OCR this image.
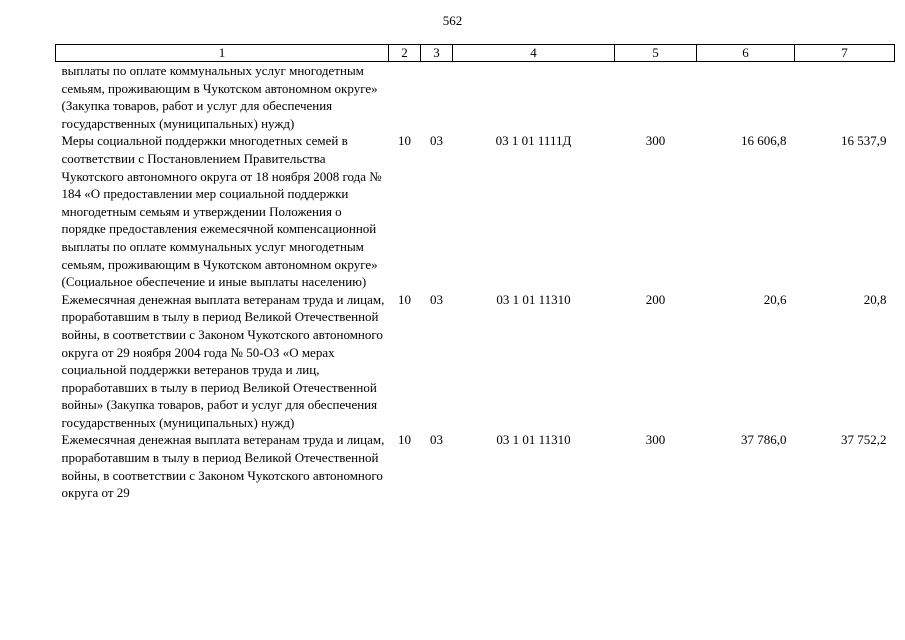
562
1	2	3	4	5	6	7
выплаты по оплате коммунальных услуг многодетным семьям, проживающим в Чукотском автономном округе» (Закупка товаров, работ и услуг для обеспечения государственных (муниципальных) нужд)						
Меры социальной поддержки многодетных семей в соответствии с Постановлением Правительства Чукотского автономного округа от 18 ноября 2008 года № 184 «О предоставлении мер социальной поддержки многодетным семьям и утверждении Положения о порядке предоставления ежемесячной компенсационной выплаты по оплате коммунальных услуг многодетным семьям, проживающим в Чукотском автономном округе» (Социальное обеспечение и иные выплаты населению)	10	03	03 1 01 1111Д	300	16 606,8	16 537,9
Ежемесячная денежная выплата ветеранам труда и лицам, проработавшим в тылу в период Великой Отечественной войны, в соответствии с Законом Чукотского автономного округа от 29 ноября 2004 года № 50-ОЗ «О мерах социальной поддержки ветеранов труда и лиц, проработавших в тылу в период Великой Отечественной войны» (Закупка товаров, работ и услуг для обеспечения государственных (муниципальных) нужд)	10	03	03 1 01 11310	200	20,6	20,8
Ежемесячная денежная выплата ветеранам труда и лицам, проработавшим в тылу в период Великой Отечественной войны, в соответствии с Законом Чукотского автономного округа от 29	10	03	03 1 01 11310	300	37 786,0	37 752,2
